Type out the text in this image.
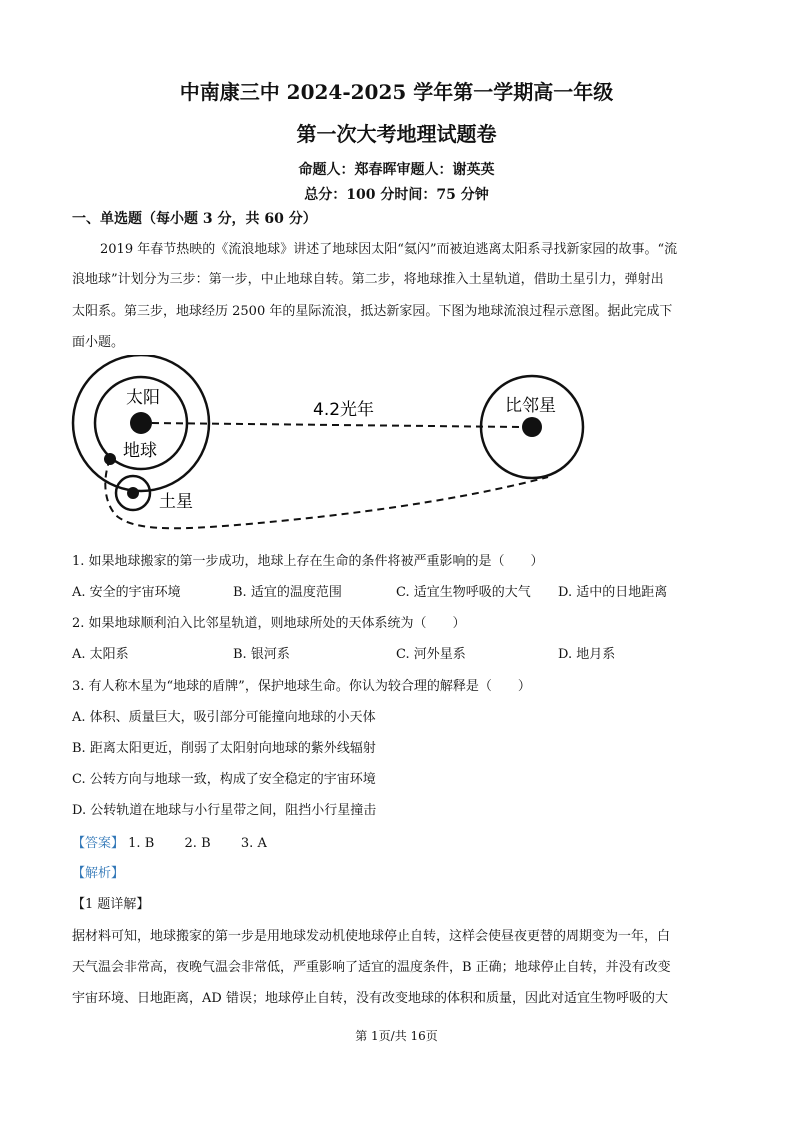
中南康三中 2024-2025 学年第一学期高一年级
第一次大考地理试题卷
命题人：郑春晖审题人：谢英英
总分：100 分时间：75 分钟
一、单选题（每小题 3 分，共 60 分）
2019 年春节热映的《流浪地球》讲述了地球因太阳“氦闪”而被迫逃离太阳系寻找新家园的故事。“流
浪地球”计划分为三步：第一步，中止地球自转。第二步，将地球推入土星轨道，借助土星引力，弹射出
太阳系。第三步，地球经历 2500 年的星际流浪，抵达新家园。下图为地球流浪过程示意图。据此完成下
面小题。
太阳
地球
土星
比邻星
4.2光年
1. 如果地球搬家的第一步成功，地球上存在生命的条件将被严重影响的是（　　）
A. 安全的宇宙环境	B. 适宜的温度范围	C. 适宜生物呼吸的大气 D. 适中的日地距离
2. 如果地球顺利泊入比邻星轨道，则地球所处的天体系统为（　　）
A. 太阳系	B. 银河系	C. 河外星系	D. 地月系
3. 有人称木星为“地球的盾牌”，保护地球生命。你认为较合理的解释是（　　）
A. 体积、质量巨大，吸引部分可能撞向地球的小天体
B. 距离太阳更近，削弱了太阳射向地球的紫外线辐射
C. 公转方向与地球一致，构成了安全稳定的宇宙环境
D. 公转轨道在地球与小行星带之间，阻挡小行星撞击
【答案】 1. B 2. B 3. A
【解析】
【1 题详解】
据材料可知，地球搬家的第一步是用地球发动机使地球停止自转，这样会使昼夜更替的周期变为一年，白
天气温会非常高，夜晚气温会非常低，严重影响了适宜的温度条件，B 正确；地球停止自转，并没有改变
宇宙环境、日地距离，AD 错误；地球停止自转，没有改变地球的体积和质量，因此对适宜生物呼吸的大
第 1页/共 16页
